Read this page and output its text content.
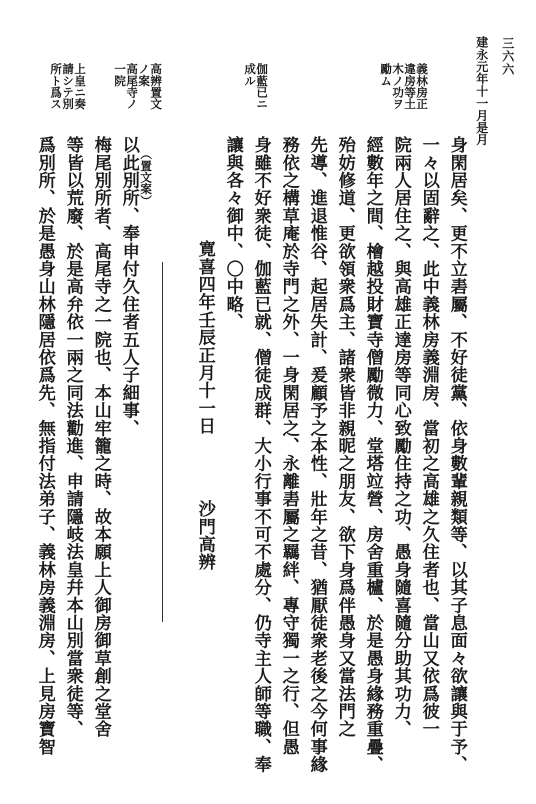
建永元年十一月是月 三六六
義林房正
違房等土
木ノ功ヲ
勵ム
伽藍已ニ
成ル
高辨置文
ノ案
高尾寺ノ
一院
上皇ニ奏
請シテ別
所ト爲ス
身閑居矣、更不立砉屬、不好徒黨、依身數輩親類等、以其子息面々欲讓與于予、
一々以固辭之、此中義林房義淵房、當初之高雄之久住者也、當山又依爲彼一
院兩人居住之、與高雄正達房等同心致勵住持之功、愚身隨喜隨分助其功力、
經數年之間、檜越投財寶寺僧勵微力、堂塔竝營、房舍重櫨、於是愚身緣務重疊、
殆妨修道、更欲領衆爲主、諸衆皆非親昵之朋友、欲下身爲伴愚身又當法門之
先導、進退惟谷、起居失計、爰顧予之本性、壯年之昔、猶厭徒衆老後之今何事緣
務依之構草庵於寺門之外、一身閑居之、永離砉屬之羈絆、專守獨一之行、但愚
身雖不好衆徒、伽藍已就、僧徒成群、大小行事不可不處分、仍寺主人師等職、奉
讓與各々御中、〇中略、
寛喜四年壬辰正月十一日
沙門高辨
（置文案）
以此別所、奉申付久住者五人子細事、
梅尾別所者、高尾寺之一院也、本山牢籠之時、故本願上人御房御草創之堂舍
等皆以荒廢、於是高弁依一兩之同法勸進、申請隱岐法皇幷本山別當衆徒等、
爲別所、於是愚身山林隱居依爲先、無指付法弟子、義林房義淵房、上見房寶智
